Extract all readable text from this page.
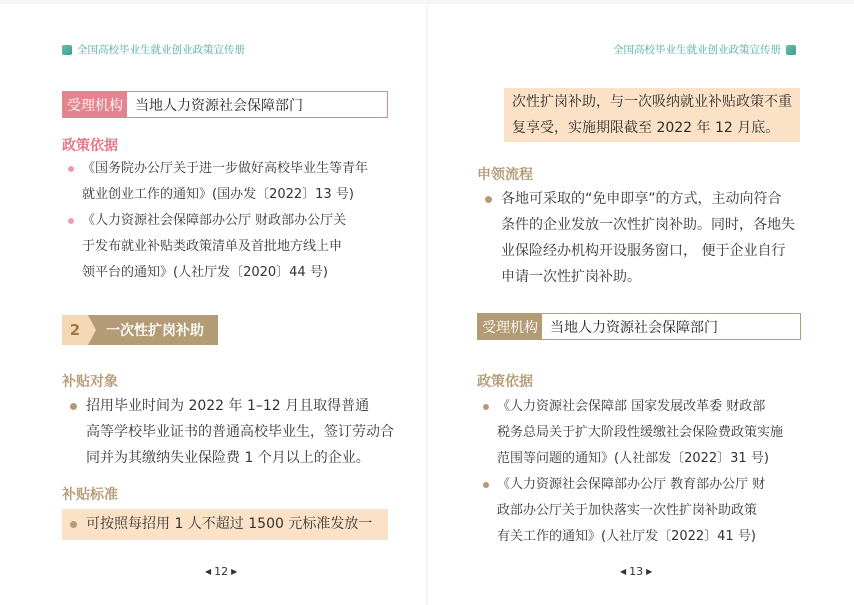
全国高校毕业生就业创业政策宣传册
受理机构 当地人力资源社会保障部门
政策依据
《国务院办公厅关于进一步做好高校毕业生等青年
就业创业工作的通知》(国办发〔2022〕13 号)
《人力资源社会保障部办公厅 财政部办公厅关
于发布就业补贴类政策清单及首批地方线上申
领平台的通知》(人社厅发〔2020〕44 号)
2	一次性扩岗补助
补贴对象
招用毕业时间为 2022 年 1–12 月且取得普通
高等学校毕业证书的普通高校毕业生，签订劳动合
同并为其缴纳失业保险费 1 个月以上的企业。
补贴标准
可按照每招用 1 人不超过 1500 元标准发放一
◀ 12 ▶
全国高校毕业生就业创业政策宣传册
次性扩岗补助，与一次吸纳就业补贴政策不重
复享受，实施期限截至 2022 年 12 月底。
申领流程
各地可采取的“免申即享”的方式，主动向符合
条件的企业发放一次性扩岗补助。同时，各地失
业保险经办机构开设服务窗口， 便于企业自行
申请一次性扩岗补助。
受理机构 当地人力资源社会保障部门
政策依据
《人力资源社会保障部 国家发展改革委 财政部
税务总局关于扩大阶段性缓缴社会保险费政策实施
范围等问题的通知》(人社部发〔2022〕31 号)
《人力资源社会保障部办公厅 教育部办公厅 财
政部办公厅关于加快落实一次性扩岗补助政策
有关工作的通知》(人社厅发〔2022〕41 号)
◀ 13 ▶
